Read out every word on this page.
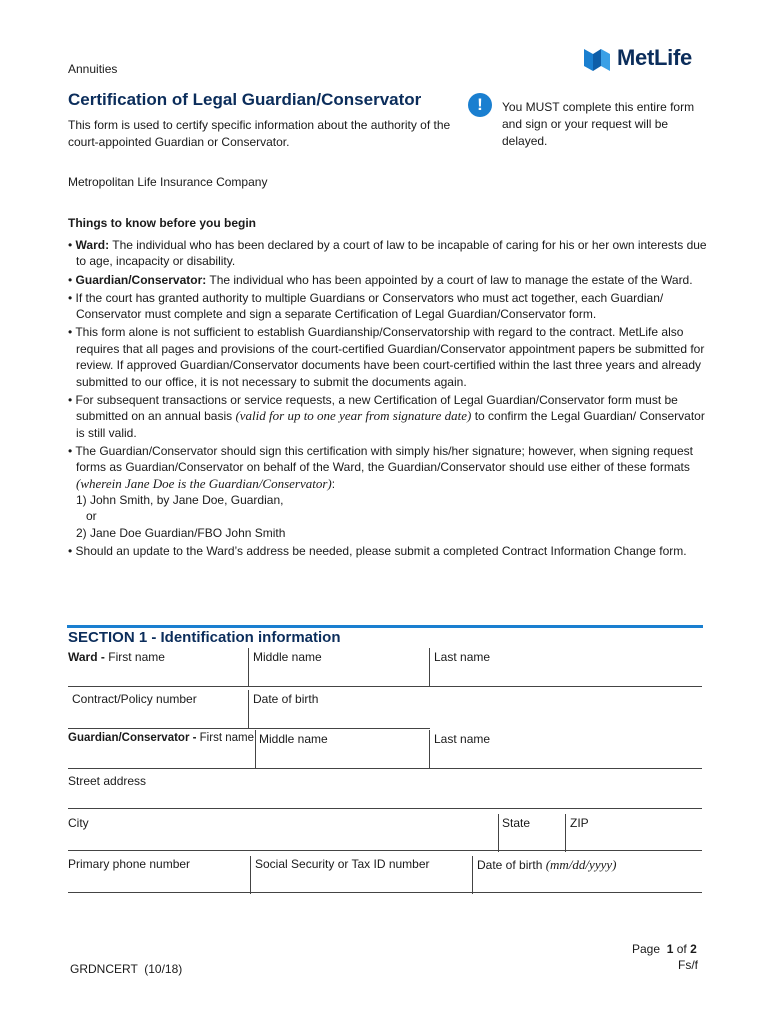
Annuities	MetLife
Certification of Legal Guardian/Conservator
This form is used to certify specific information about the authority of the court-appointed Guardian or Conservator.
!	You MUST complete this entire form and sign or your request will be delayed.
Metropolitan Life Insurance Company
Things to know before you begin
• Ward: The individual who has been declared by a court of law to be incapable of caring for his or her own interests due to age, incapacity or disability.
• Guardian/Conservator: The individual who has been appointed by a court of law to manage the estate of the Ward.
• If the court has granted authority to multiple Guardians or Conservators who must act together, each Guardian/ Conservator must complete and sign a separate Certification of Legal Guardian/Conservator form.
• This form alone is not sufficient to establish Guardianship/Conservatorship with regard to the contract. MetLife also requires that all pages and provisions of the court-certified Guardian/Conservator appointment papers be submitted for review. If approved Guardian/Conservator documents have been court-certified within the last three years and already submitted to our office, it is not necessary to submit the documents again.
• For subsequent transactions or service requests, a new Certification of Legal Guardian/Conservator form must be submitted on an annual basis (valid for up to one year from signature date) to confirm the Legal Guardian/ Conservator is still valid.
• The Guardian/Conservator should sign this certification with simply his/her signature; however, when signing request forms as Guardian/Conservator on behalf of the Ward, the Guardian/Conservator should use either of these formats (wherein Jane Doe is the Guardian/Conservator):
1) John Smith, by Jane Doe, Guardian,
or
2) Jane Doe Guardian/FBO John Smith
• Should an update to the Ward’s address be needed, please submit a completed Contract Information Change form.
SECTION 1 - Identification information
Ward - First name	Middle name	Last name
Contract/Policy number	Date of birth
Guardian/Conservator - First name Middle name	Last name
Street address
City	State	ZIP
Primary phone number	Social Security or Tax ID number	Date of birth (mm/dd/yyyy)
Page 1 of 2
GRDNCERT  (10/18)	Fs/f
